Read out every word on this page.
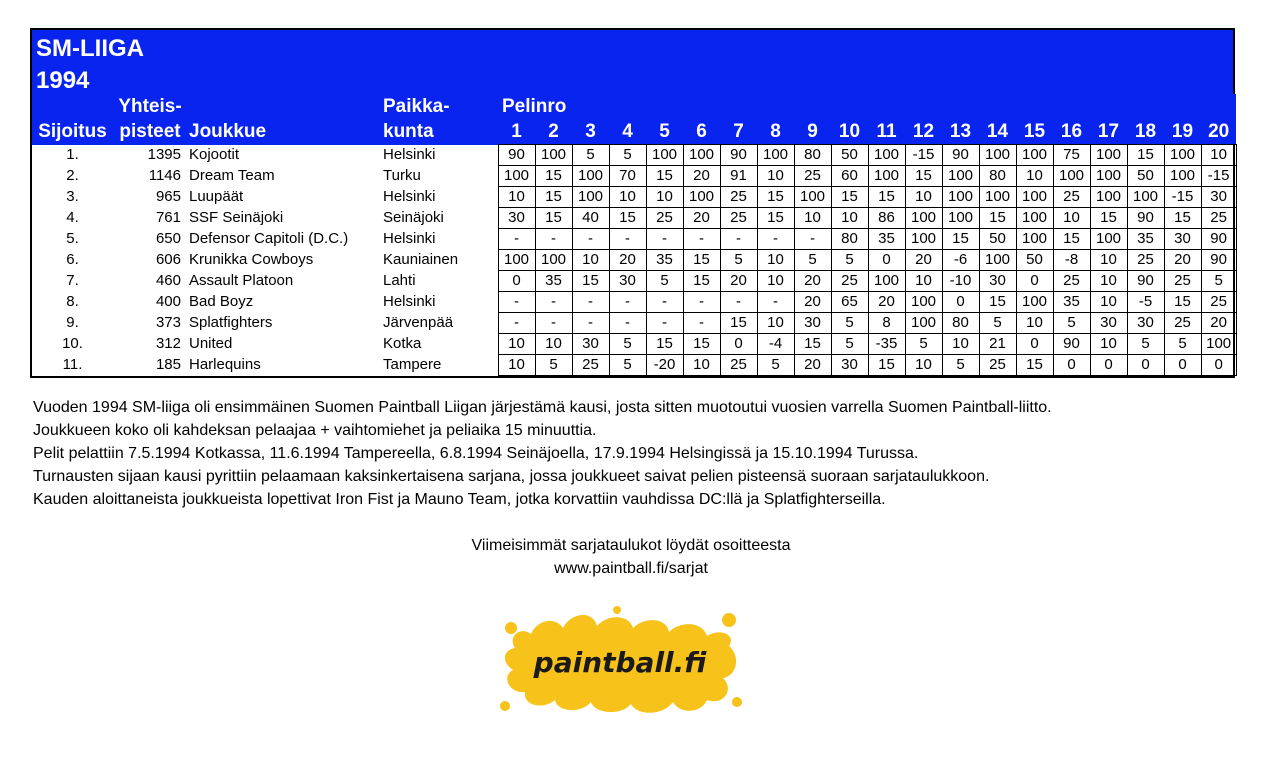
SM-LIIGA
1994
	Yhteis-		Paikka-	Pelinro																			
Sijoitus	pisteet	Joukkue	kunta	1	2	3	4	5	6	7	8	9	10	11	12	13	14	15	16	17	18	19	20
1.	1395	Kojootit	Helsinki	90	100	5	5	100	100	90	100	80	50	100	-15	90	100	100	75	100	15	100	10
2.	1146	Dream Team	Turku	100	15	100	70	15	20	91	10	25	60	100	15	100	80	10	100	100	50	100	-15
3.	965	Luupäät	Helsinki	10	15	100	10	10	100	25	15	100	15	15	10	100	100	100	25	100	100	-15	30
4.	761	SSF Seinäjoki	Seinäjoki	30	15	40	15	25	20	25	15	10	10	86	100	100	15	100	10	15	90	15	25
5.	650	Defensor Capitoli (D.C.)	Helsinki	-	-	-	-	-	-	-	-	-	80	35	100	15	50	100	15	100	35	30	90
6.	606	Krunikka Cowboys	Kauniainen	100	100	10	20	35	15	5	10	5	5	0	20	-6	100	50	-8	10	25	20	90
7.	460	Assault Platoon	Lahti	0	35	15	30	5	15	20	10	20	25	100	10	-10	30	0	25	10	90	25	5
8.	400	Bad Boyz	Helsinki	-	-	-	-	-	-	-	-	20	65	20	100	0	15	100	35	10	-5	15	25
9.	373	Splatfighters	Järvenpää	-	-	-	-	-	-	15	10	30	5	8	100	80	5	10	5	30	30	25	20
10.	312	United	Kotka	10	10	30	5	15	15	0	-4	15	5	-35	5	10	21	0	90	10	5	5	100
11.	185	Harlequins	Tampere	10	5	25	5	-20	10	25	5	20	30	15	10	5	25	15	0	0	0	0	0

Vuoden 1994 SM-liiga oli ensimmäinen Suomen Paintball Liigan järjestämä kausi, josta sitten muotoutui vuosien varrella Suomen Paintball-liitto.

Joukkueen koko oli kahdeksan pelaajaa + vaihtomiehet ja peliaika 15 minuuttia.

Pelit pelattiin 7.5.1994 Kotkassa, 11.6.1994 Tampereella, 6.8.1994 Seinäjoella, 17.9.1994 Helsingissä ja 15.10.1994 Turussa.

Turnausten sijaan kausi pyrittiin pelaamaan kaksinkertaisena sarjana, jossa joukkueet saivat pelien pisteensä suoraan sarjataulukkoon.

Kauden aloittaneista joukkueista lopettivat Iron Fist ja Mauno Team, jotka korvattiin vauhdissa DC:llä ja Splatfighterseilla.

Viimeisimmät sarjataulukot löydät osoitteesta

www.paintball.fi/sarjat

paintball.fi
